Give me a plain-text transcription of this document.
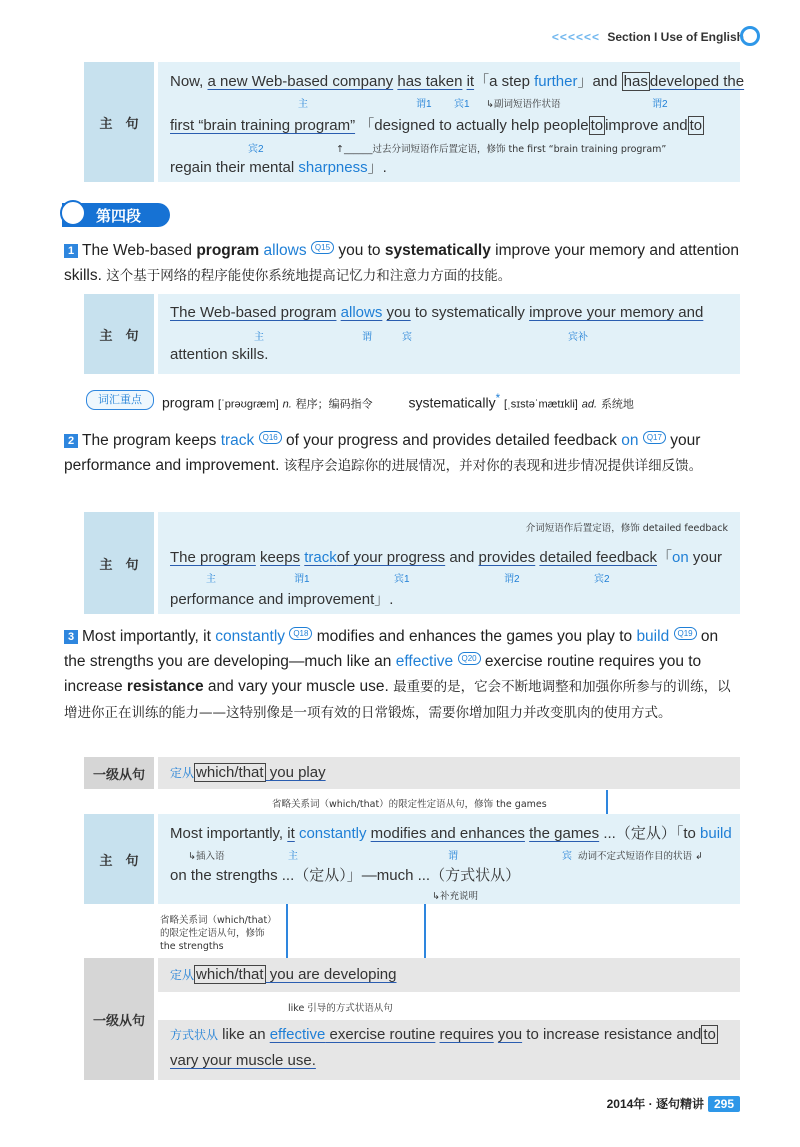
<<<<<< Section I Use of English
主　句
Now, a new Web-based company has taken it「a step further」and has developed the
主	谓1 宾1 ↳副词短语作状语	谓2
first “brain training program” 「designed to actually help people to improve and to
宾2	↑______过去分词短语作后置定语，修饰 the first “brain training program”
regain their mental sharpness」.
第四段
1 The Web-based program allows Q15 you to systematically improve your memory and attention skills. 这个基于网络的程序能使你系统地提高记忆力和注意力方面的技能。
主　句
The Web-based program allows you to systematically improve your memory and
主	谓	宾	宾补
attention skills.
词汇重点	program [ˈprəʊɡræm] n. 程序；编码指令	systematically* [ˌsɪstəˈmætɪkli] ad. 系统地
2 The program keeps track Q16 of your progress and provides detailed feedback on Q17 your performance and improvement. 该程序会追踪你的进展情况，并对你的表现和进步情况提供详细反馈。
主　句
介词短语作后置定语，修饰 detailed feedback
The program keeps trackof your progress and provides detailed feedback「on your
主	谓1	宾1	谓2	宾2
performance and improvement」.
3 Most importantly, it constantly Q18 modifies and enhances the games you play to build Q19 on the strengths you are developing—much like an effective Q20 exercise routine requires you to increase resistance and vary your muscle use. 最重要的是，它会不断地调整和加强你所参与的训练，以增进你正在训练的能力——这特别像是一项有效的日常锻炼，需要你增加阻力并改变肌肉的使用方式。
一级从句 定从 which/that you play
省略关系词（which/that）的限定性定语从句，修饰 the games
主　句
Most importantly, it constantly modifies and enhances the games ...（定从）「to build
↳插入语	主	谓	宾 动词不定式短语作目的状语 ↲
on the strengths ...（定从）」—much ...（方式状从）
↳补充说明
省略关系词（which/that）的限定性定语从句，修饰 the strengths
一级从句
定从 which/that you are developing
like 引导的方式状语从句
方式状从 like an effective exercise routine requires you to increase resistance and to
vary your muscle use.
2014年 · 逐句精讲 295
